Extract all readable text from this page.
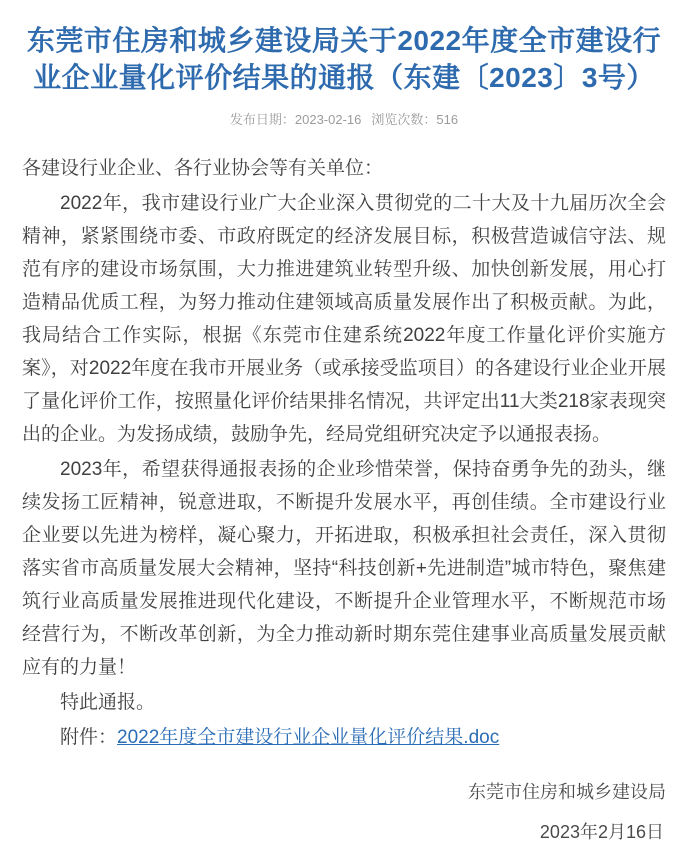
东莞市住房和城乡建设局关于2022年度全市建设行业企业量化评价结果的通报（东建〔2023〕3号）
发布日期：2023-02-16 浏览次数：516

各建设行业企业、各行业协会等有关单位：

2022年，我市建设行业广大企业深入贯彻党的二十大及十九届历次全会精神，紧紧围绕市委、市政府既定的经济发展目标，积极营造诚信守法、规范有序的建设市场氛围，大力推进建筑业转型升级、加快创新发展，用心打造精品优质工程，为努力推动住建领域高质量发展作出了积极贡献。为此，我局结合工作实际，根据《东莞市住建系统2022年度工作量化评价实施方案》，对2022年度在我市开展业务（或承接受监项目）的各建设行业企业开展了量化评价工作，按照量化评价结果排名情况，共评定出11大类218家表现突出的企业。为发扬成绩，鼓励争先，经局党组研究决定予以通报表扬。

2023年，希望获得通报表扬的企业珍惜荣誉，保持奋勇争先的劲头，继续发扬工匠精神，锐意进取，不断提升发展水平，再创佳绩。全市建设行业企业要以先进为榜样，凝心聚力，开拓进取，积极承担社会责任，深入贯彻落实省市高质量发展大会精神，坚持“科技创新+先进制造”城市特色，聚焦建筑行业高质量发展推进现代化建设，不断提升企业管理水平，不断规范市场经营行为，不断改革创新，为全力推动新时期东莞住建事业高质量发展贡献应有的力量！

特此通报。

附件：2022年度全市建设行业企业量化评价结果.doc

东莞市住房和城乡建设局
2023年2月16日
